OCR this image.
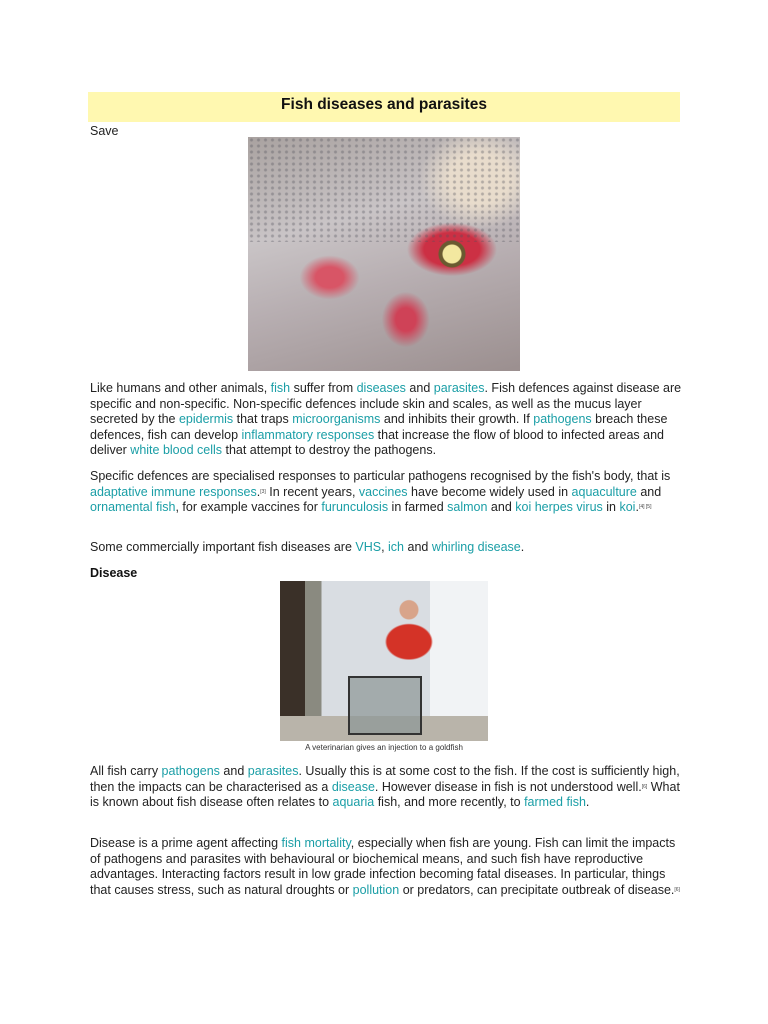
Fish diseases and parasites
Save
Like humans and other animals, fish suffer from diseases and parasites. Fish defences against disease are specific and non-specific. Non-specific defences include skin and scales, as well as the mucus layer secreted by the epidermis that traps microorganisms and inhibits their growth. If pathogens breach these defences, fish can develop inflammatory responses that increase the flow of blood to infected areas and deliver white blood cells that attempt to destroy the pathogens.
Specific defences are specialised responses to particular pathogens recognised by the fish's body, that is adaptative immune responses.[3] In recent years, vaccines have become widely used in aquaculture and ornamental fish, for example vaccines for furunculosis in farmed salmon and koi herpes virus in koi.[4] [5]
Some commercially important fish diseases are VHS, ich and whirling disease.
Disease
A veterinarian gives an injection to a goldfish
All fish carry pathogens and parasites. Usually this is at some cost to the fish. If the cost is sufficiently high, then the impacts can be characterised as a disease. However disease in fish is not understood well.[6] What is known about fish disease often relates to aquaria fish, and more recently, to farmed fish.
Disease is a prime agent affecting fish mortality, especially when fish are young. Fish can limit the impacts of pathogens and parasites with behavioural or biochemical means, and such fish have reproductive advantages. Interacting factors result in low grade infection becoming fatal diseases. In particular, things that causes stress, such as natural droughts or pollution or predators, can precipitate outbreak of disease.[6]
